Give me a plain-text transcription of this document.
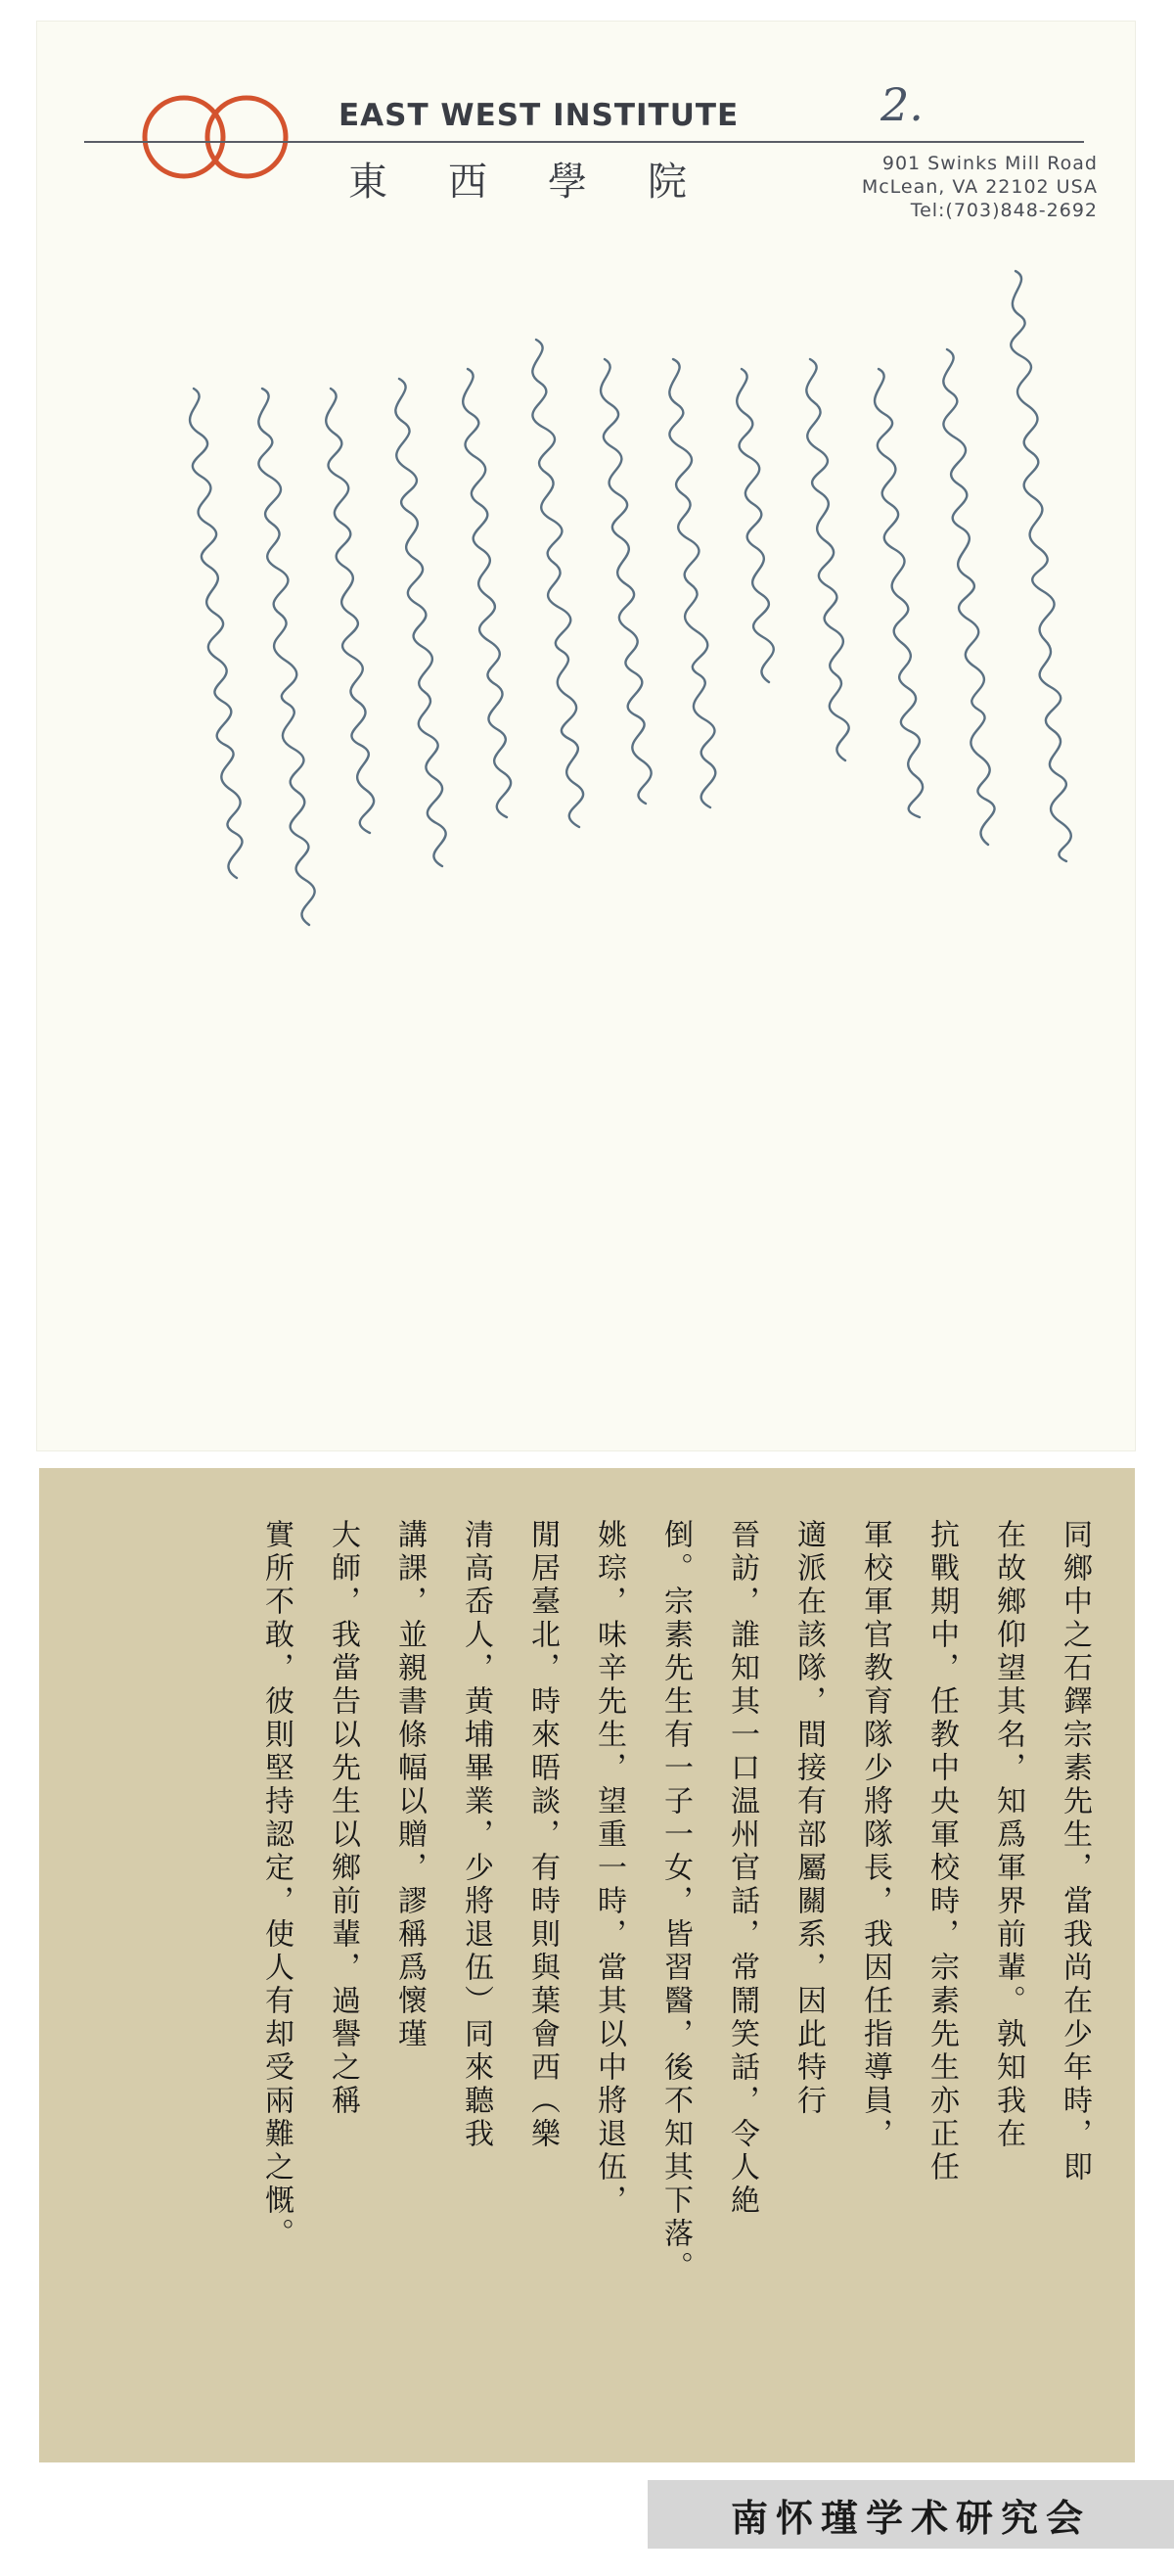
EAST WEST INSTITUTE
東西學院	901 Swinks Mill Road
McLean, VA 22102 USA
Tel:(703)848-2692
2.
同鄉中之石鐸宗素先生，當我尚在少年時，即
在故鄉仰望其名，知爲軍界前輩。孰知我在
抗戰期中，任教中央軍校時，宗素先生亦正任
軍校軍官教育隊少將隊長，我因任指導員，
適派在該隊，間接有部屬關系，因此特行
晉訪，誰知其一口温州官話，常鬧笑話，令人絶
倒。宗素先生有一子一女，皆習醫，後不知其下落。
姚琮，味辛先生，望重一時，當其以中將退伍，
閒居臺北，時來晤談，有時則與葉會西（樂
清高岙人，黄埔畢業，少將退伍）同來聽我
講課，並親書條幅以贈，謬稱爲懷瑾
大師，我當告以先生以鄉前輩，過譽之稱
實所不敢，彼則堅持認定，使人有却受兩難之慨。
南怀瑾学术研究会
